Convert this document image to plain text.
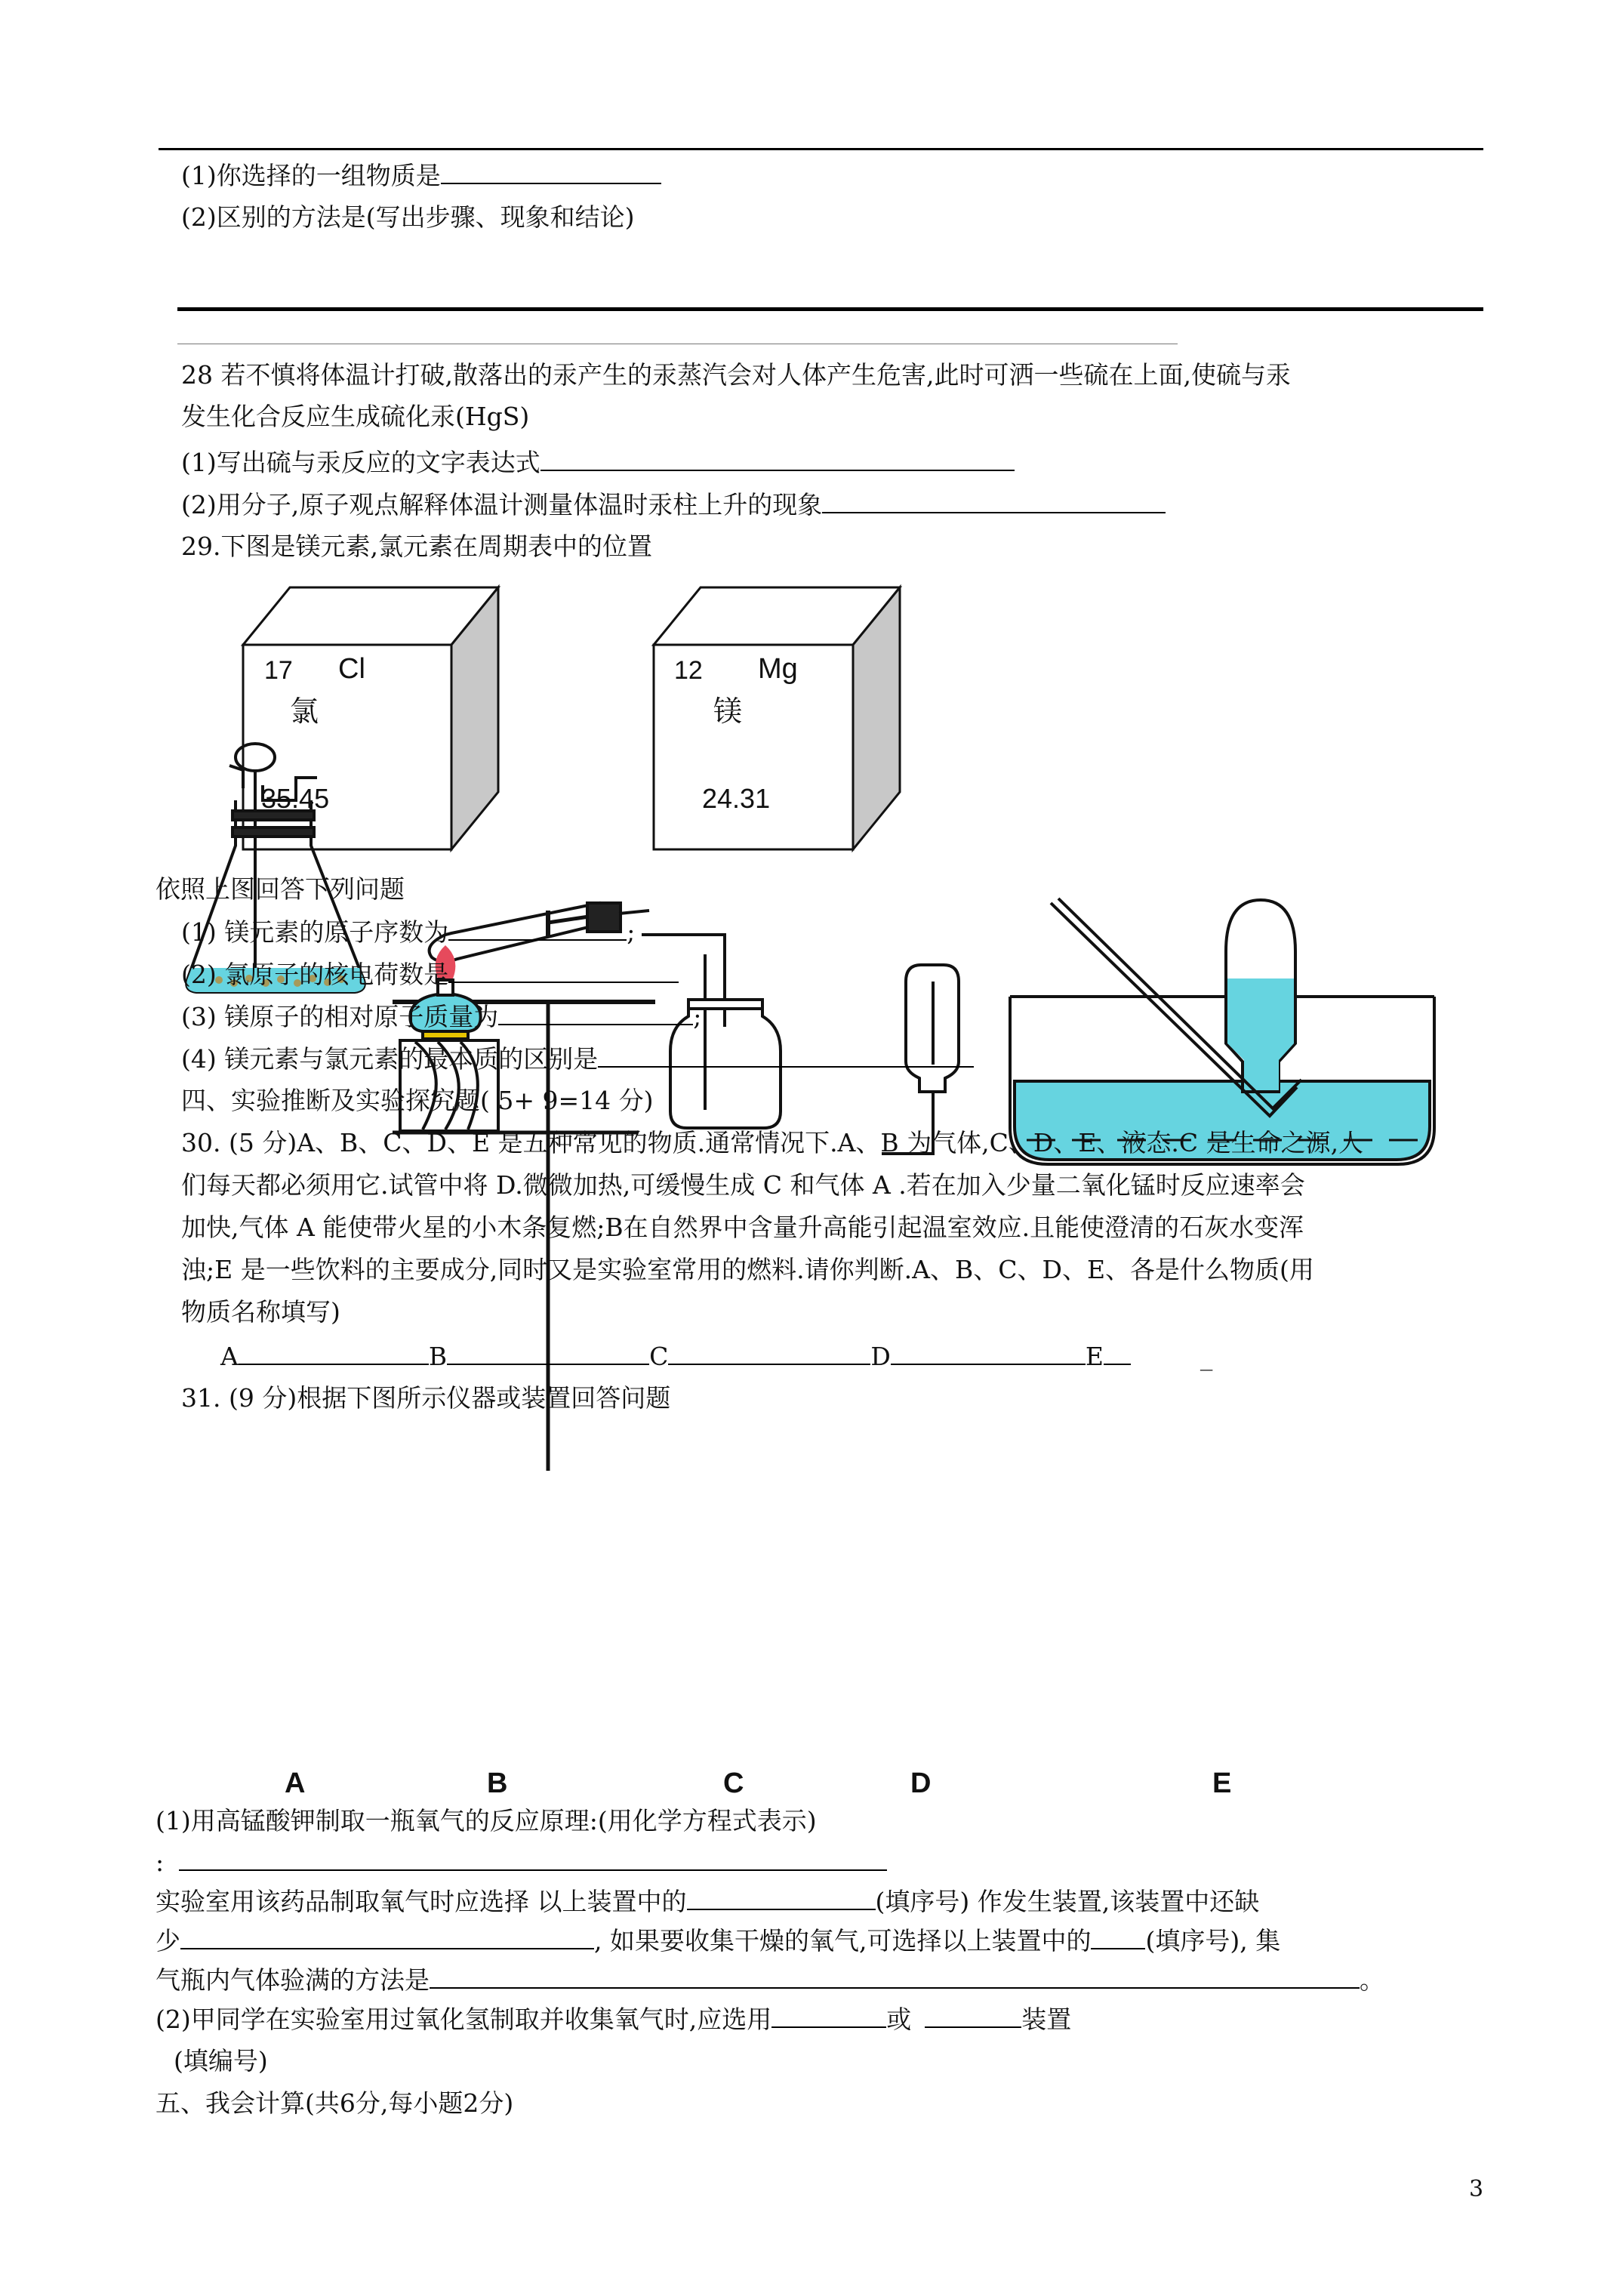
(1)你选择的一组物质是
(2)区别的方法是(写出步骤、现象和结论)
28 若不慎将体温计打破,散落出的汞产生的汞蒸汽会对人体产生危害,此时可洒一些硫在上面,使硫与汞
发生化合反应生成硫化汞(HgS)
(1)写出硫与汞反应的文字表达式
(2)用分子,原子观点解释体温计测量体温时汞柱上升的现象
29.下图是镁元素,氯元素在周期表中的位置
17 Cl
氯
35.45
12 Mg
镁
24.31
依照上图回答下列问题
(1) 镁元素的原子序数为	;
(2) 氯原子的核电荷数是
(3) 镁原子的相对原子质量为	;
(4) 镁元素与氯元素的最本质的区别是
四、实验推断及实验探究题( 5+ 9=14 分)
30. (5 分)A、B、C、D、E 是五种常见的物质.通常情况下.A、B 为气体,C、D、E、液态.C 是生命之源,人
们每天都必须用它.试管中将 D.微微加热,可缓慢生成 C 和气体 A .若在加入少量二氧化锰时反应速率会
加快,气体 A 能使带火星的小木条复燃;B在自然界中含量升高能引起温室效应.且能使澄清的石灰水变浑
浊;E 是一些饮料的主要成分,同时又是实验室常用的燃料.请你判断.A、B、C、D、E、各是什么物质(用
物质名称填写)
A	B	C	D	E	_
31. (9 分)根据下图所示仪器或装置回答问题
A	B	C	D	E
(1)用高锰酸钾制取一瓶氧气的反应原理:(用化学方程式表示)
:
实验室用该药品制取氧气时应选择 以上装置中的	(填序号) 作发生装置,该装置中还缺
少	, 如果要收集干燥的氧气,可选择以上装置中的 (填序号), 集
气瓶内气体验满的方法是	。
(2)甲同学在实验室用过氧化氢制取并收集氧气时,应选用	或	装置
(填编号)
五、我会计算(共6分,每小题2分)
3
